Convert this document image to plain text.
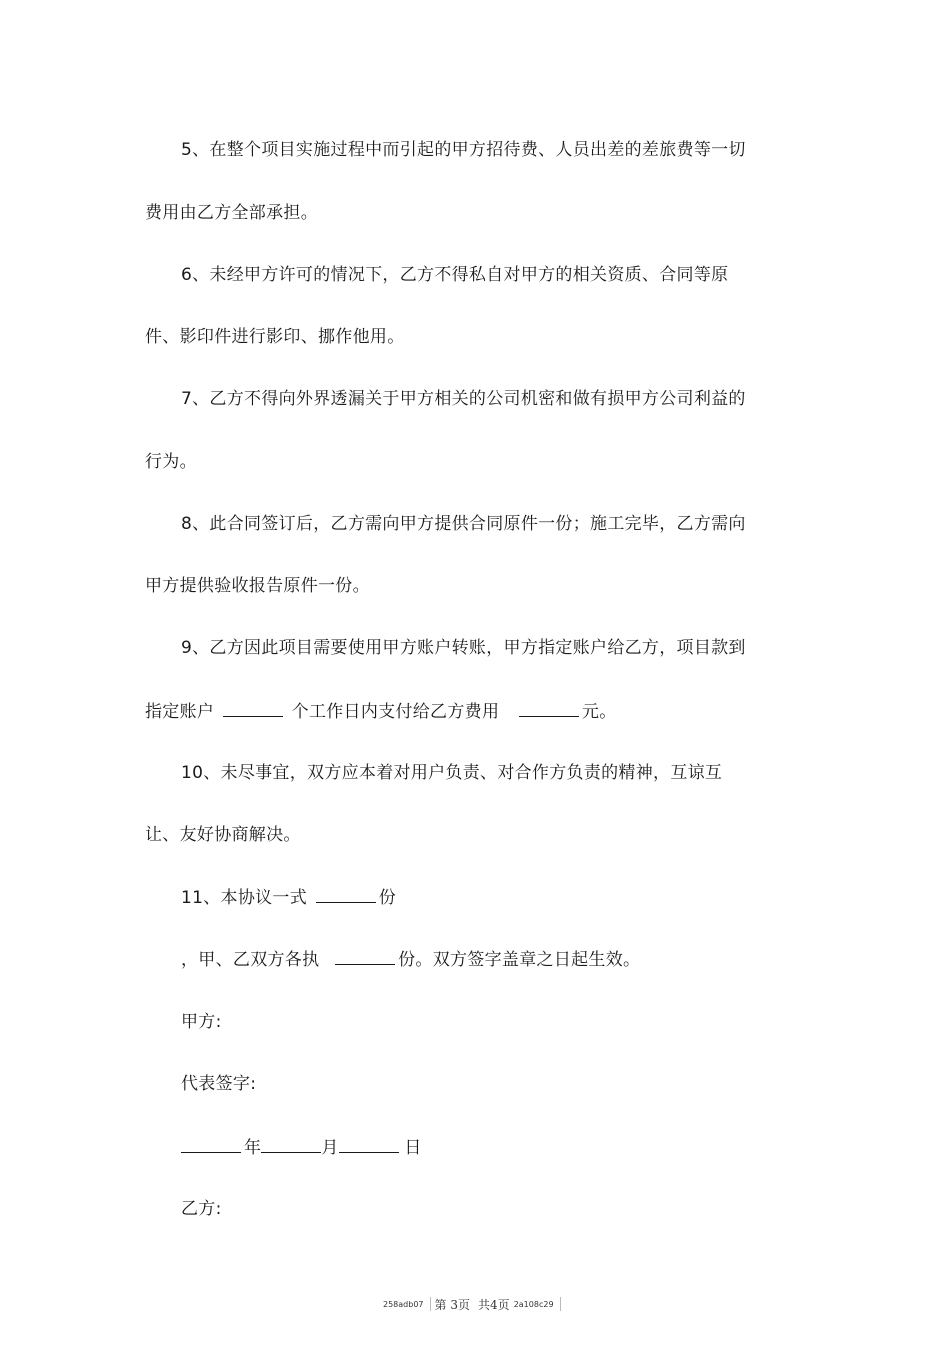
5、在整个项目实施过程中而引起的甲方招待费、人员出差的差旅费等一切
费用由乙方全部承担。
6、未经甲方许可的情况下，乙方不得私自对甲方的相关资质、合同等原
件、影印件进行影印、挪作他用。
7、乙方不得向外界透漏关于甲方相关的公司机密和做有损甲方公司利益的
行为。
8、此合同签订后，乙方需向甲方提供合同原件一份；施工完毕，乙方需向
甲方提供验收报告原件一份。
9、乙方因此项目需要使用甲方账户转账，甲方指定账户给乙方，项目款到
指定账户	个工作日内支付给乙方费用	元。
10、未尽事宜，双方应本着对用户负责、对合作方负责的精神，互谅互
让、友好协商解决。
11、本协议一式	份
，甲、乙双方各执	份。双方签字盖章之日起生效。
甲方:
代表签字:
年	月	日
乙方:
258adb07 第 3页 共4页 2a108c29
